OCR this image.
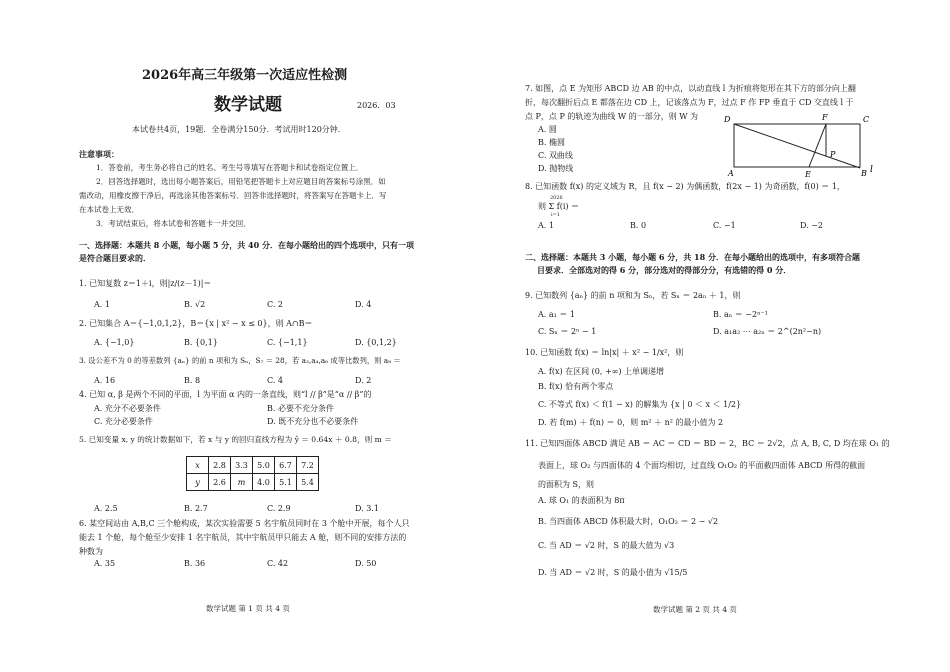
2026年高三年级第一次适应性检测
数学试题	2026．03
本试卷共4页，19题．全卷满分150分．考试用时120分钟．
注意事项：
1．答卷前，考生务必将自己的姓名、考生号等填写在答题卡和试卷指定位置上．
2．回答选择题时，选出每小题答案后，用铅笔把答题卡上对应题目的答案标号涂黑．如
需改动，用橡皮擦干净后，再选涂其他答案标号．回答非选择题时，将答案写在答题卡上．写
在本试卷上无效．
3．考试结束后，将本试卷和答题卡一并交回．
一、选择题：本题共 8 小题，每小题 5 分，共 40 分．在每小题给出的四个选项中，只有一项
是符合题目要求的．
1. 已知复数 z＝1＋i，则|z/(z－1)|＝
A. 1	B. √2	C. 2	D. 4
2. 已知集合 A＝{−1,0,1,2}，B＝{x | x² − x ≤ 0}，则 A∩B＝
A. {−1,0}	B. {0,1}	C. {−1,1}	D. {0,1,2}
3. 设公差不为 0 的等差数列 {aₙ} 的前 n 项和为 Sₙ，S₇ ＝ 28，若 a₃,a₄,a₆ 成等比数列，则 a₈ ＝
A. 16	B. 8	C. 4	D. 2
4. 已知 α, β 是两个不同的平面，l 为平面 α 内的一条直线，则“l // β”是“α // β”的
A. 充分不必要条件	B. 必要不充分条件
C. 充分必要条件	D. 既不充分也不必要条件
5. 已知变量 x, y 的统计数据如下，若 x 与 y 的回归直线方程为 ŷ ＝ 0.64x ＋ 0.8，则 m ＝
x	2.8	3.3	5.0	6.7	7.2
y	2.6	m	4.0	5.1	5.4
A. 2.5	B. 2.7	C. 2.9	D. 3.1
6. 某空间站由 A,B,C 三个舱构成，某次实验需要 5 名宇航员同时在 3 个舱中开展，每个人只
能去 1 个舱，每个舱至少安排 1 名宇航员，其中宇航员甲只能去 A 舱，则不同的安排方法的
种数为
A. 35	B. 36	C. 42	D. 50
数学试题 第 1 页 共 4 页
7. 如图，点 E 为矩形 ABCD 边 AB 的中点，以动直线 l 为折痕将矩形在其下方的部分向上翻
折，每次翻折后点 E 都落在边 CD 上，记该落点为 F，过点 F 作 FP 垂直于 CD 交直线 l 于
点 P，点 P 的轨迹为曲线 W 的一部分，则 W 为
A. 圆
B. 椭圆
C. 双曲线
D. 抛物线
D	F	C
P
A	E	B l
8. 已知函数 f(x) 的定义域为 R，且 f(x − 2) 为偶函数，f(2x − 1) 为奇函数，f(0) ＝ 1，
2026
则 Σ f(i) ＝
i=1
A. 1	B. 0	C. −1	D. −2
二、选择题：本题共 3 小题，每小题 6 分，共 18 分．在每小题给出的选项中，有多项符合题
目要求．全部选对的得 6 分，部分选对的得部分分，有选错的得 0 分．
9. 已知数列 {aₙ} 的前 n 项和为 Sₙ，若 Sₙ ＝ 2aₙ ＋ 1，则
A. a₁ ＝ 1	B. aₙ ＝ −2ⁿ⁻¹
C. Sₙ ＝ 2ⁿ − 1	D. a₁a₂ ⋯ a₂ₙ ＝ 2^(2n²−n)
10. 已知函数 f(x) ＝ ln|x| ＋ x² − 1/x²，则
A. f(x) 在区间 (0, +∞) 上单调递增
B. f(x) 恰有两个零点
C. 不等式 f(x) ＜ f(1 − x) 的解集为 {x | 0 ＜ x ＜ 1/2}
D. 若 f(m) ＋ f(n) ＝ 0，则 m² ＋ n² 的最小值为 2
11. 已知四面体 ABCD 满足 AB ＝ AC ＝ CD ＝ BD ＝ 2，BC ＝ 2√2，点 A, B, C, D 均在球 O₁ 的
表面上，球 O₂ 与四面体的 4 个面均相切，过直线 O₁O₂ 的平面截四面体 ABCD 所得的截面
的面积为 S，则
A. 球 O₁ 的表面积为 8π
B. 当四面体 ABCD 体积最大时，O₁O₂ ＝ 2 − √2
C. 当 AD ＝ √2 时，S 的最大值为 √3
D. 当 AD ＝ √2 时，S 的最小值为 √15/5
数学试题 第 2 页 共 4 页
